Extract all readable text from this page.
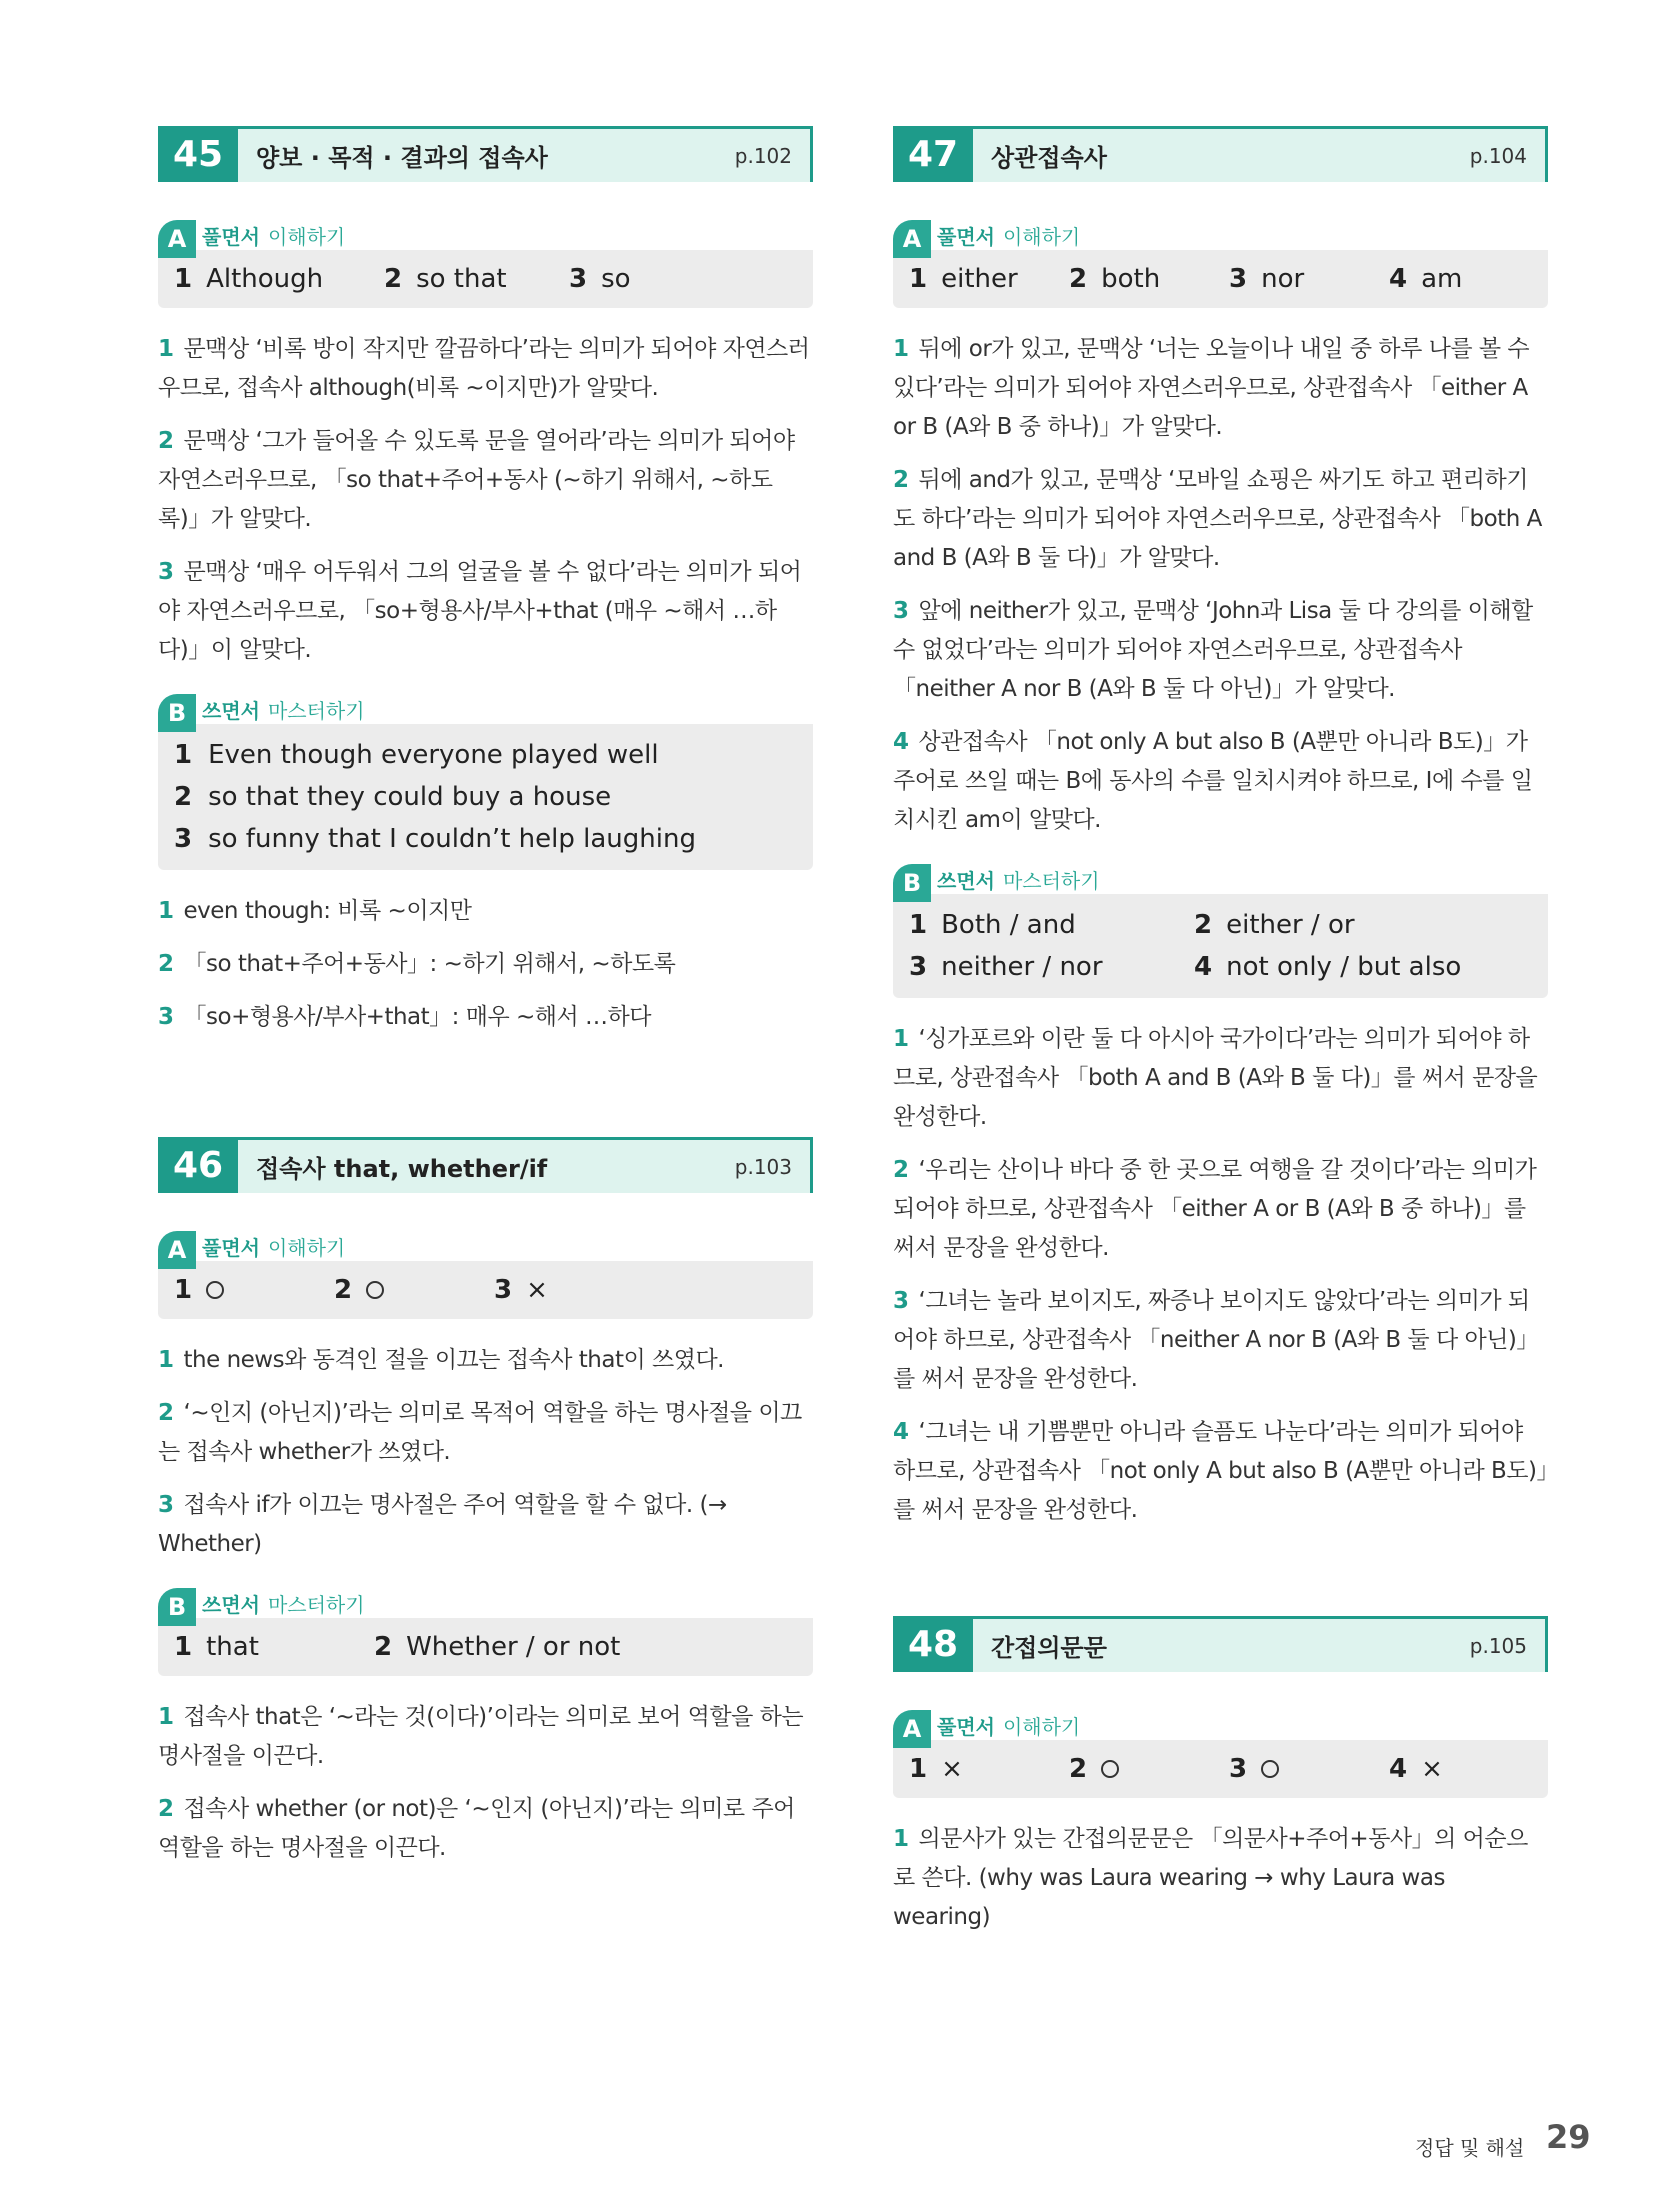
45	양보 · 목적 · 결과의 접속사	p.102
A 풀면서 이해하기
1 Although 2 so that 3 so
1 문맥상 ‘비록 방이 작지만 깔끔하다’라는 의미가 되어야 자연스러우므로, 접속사 although(비록 ~이지만)가 알맞다.
2 문맥상 ‘그가 들어올 수 있도록 문을 열어라’라는 의미가 되어야 자연스러우므로, 「so that+주어+동사 (~하기 위해서, ~하도록)」가 알맞다.
3 문맥상 ‘매우 어두워서 그의 얼굴을 볼 수 없다’라는 의미가 되어야 자연스러우므로, 「so+형용사/부사+that (매우 ~해서 …하다)」이 알맞다.
B 쓰면서 마스터하기
1 Even though everyone played well
2 so that they could buy a house
3 so funny that I couldn’t help laughing
1 even though: 비록 ~이지만
2 「so that+주어+동사」: ~하기 위해서, ~하도록
3 「so+형용사/부사+that」: 매우 ~해서 …하다
46	접속사 that, whether/if	p.103
A 풀면서 이해하기
1	2	3 ×
1 the news와 동격인 절을 이끄는 접속사 that이 쓰였다.
2 ‘~인지 (아닌지)’라는 의미로 목적어 역할을 하는 명사절을 이끄는 접속사 whether가 쓰였다.
3 접속사 if가 이끄는 명사절은 주어 역할을 할 수 없다. (→ Whether)
B 쓰면서 마스터하기
1 that	2 Whether / or not
1 접속사 that은 ‘~라는 것(이다)’이라는 의미로 보어 역할을 하는 명사절을 이끈다.
2 접속사 whether (or not)은 ‘~인지 (아닌지)’라는 의미로 주어 역할을 하는 명사절을 이끈다.
47	상관접속사	p.104
A 풀면서 이해하기
1 either 2 both	3 nor	4 am
1 뒤에 or가 있고, 문맥상 ‘너는 오늘이나 내일 중 하루 나를 볼 수 있다’라는 의미가 되어야 자연스러우므로, 상관접속사 「either A or B (A와 B 중 하나)」가 알맞다.
2 뒤에 and가 있고, 문맥상 ‘모바일 쇼핑은 싸기도 하고 편리하기도 하다’라는 의미가 되어야 자연스러우므로, 상관접속사 「both A and B (A와 B 둘 다)」가 알맞다.
3 앞에 neither가 있고, 문맥상 ‘John과 Lisa 둘 다 강의를 이해할 수 없었다’라는 의미가 되어야 자연스러우므로, 상관접속사 「neither A nor B (A와 B 둘 다 아닌)」가 알맞다.
4 상관접속사 「not only A but also B (A뿐만 아니라 B도)」가 주어로 쓰일 때는 B에 동사의 수를 일치시켜야 하므로, I에 수를 일치시킨 am이 알맞다.
B 쓰면서 마스터하기
1 Both / and	2 either / or
3 neither / nor	4 not only / but also
1 ‘싱가포르와 이란 둘 다 아시아 국가이다’라는 의미가 되어야 하므로, 상관접속사 「both A and B (A와 B 둘 다)」를 써서 문장을 완성한다.
2 ‘우리는 산이나 바다 중 한 곳으로 여행을 갈 것이다’라는 의미가 되어야 하므로, 상관접속사 「either A or B (A와 B 중 하나)」를 써서 문장을 완성한다.
3 ‘그녀는 놀라 보이지도, 짜증나 보이지도 않았다’라는 의미가 되어야 하므로, 상관접속사 「neither A nor B (A와 B 둘 다 아닌)」를 써서 문장을 완성한다.
4 ‘그녀는 내 기쁨뿐만 아니라 슬픔도 나눈다’라는 의미가 되어야 하므로, 상관접속사 「not only A but also B (A뿐만 아니라 B도)」를 써서 문장을 완성한다.
48	간접의문문	p.105
A 풀면서 이해하기
1 ×	2	3	4 ×
1 의문사가 있는 간접의문문은 「의문사+주어+동사」의 어순으로 쓴다. (why was Laura wearing → why Laura was wearing)
정답 및 해설 29
